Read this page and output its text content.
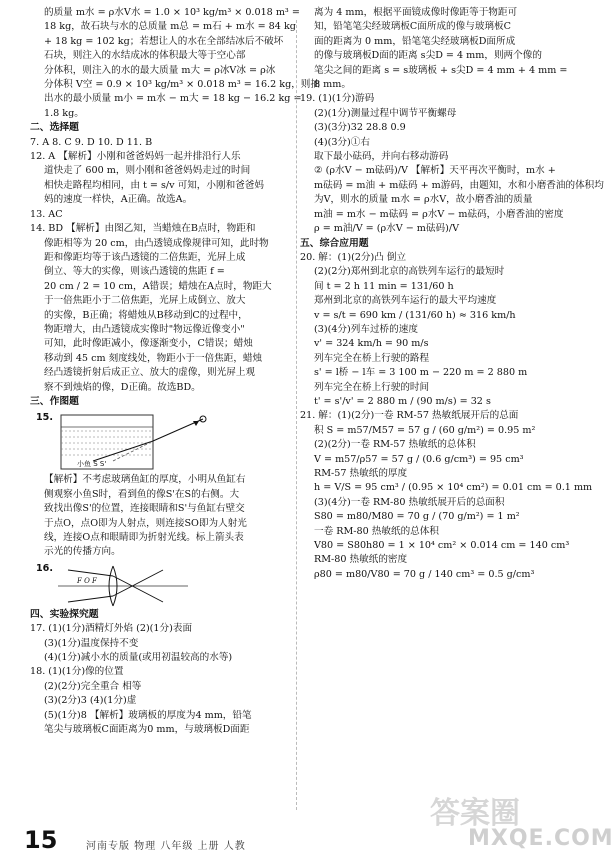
的质量 m水 = ρ水V水 = 1.0 × 10³ kg/m³ × 0.018 m³ =
18 kg，故石块与水的总质量 m总 = m石 + m水 = 84 kg
+ 18 kg = 102 kg；若想让人的水在全部结冰后不破坏
石块，则注入的水结成冰的体积最大等于空心部
分体积，则注入的水的最大质量 m大 = ρ冰V冰 = ρ冰
分体积 V空 = 0.9 × 10³ kg/m³ × 0.018 m³ = 16.2 kg，则抽
出水的最小质量 m小 = m水 − m大 = 18 kg − 16.2 kg =
1.8 kg。
二、选择题
7. A 8. C 9. D 10. D 11. B
12. A 【解析】小刚和爸爸妈妈一起并排沿行人乐
道快走了 600 m，则小刚和爸爸妈妈走过的时间
相快走路程均相同，由 t = s/v 可知，小刚和爸爸妈
妈的速度一样快，A正确。故选A。
13. AC
14. BD 【解析】由图乙知，当蜡烛在B点时，物距和
像距相等为 20 cm，由凸透镜成像规律可知，此时物
距和像距均等于该凸透镜的二倍焦距，光屏上成
倒立、等大的实像，则该凸透镜的焦距 f =
20 cm / 2 = 10 cm，A错误；蜡烛在A点时，物距大
于一倍焦距小于二倍焦距，光屏上成倒立、放大
的实像，B正确；将蜡烛从B移动到C的过程中，
物距增大，由凸透镜成实像时"物远像近像变小"
可知，此时像距减小，像逐渐变小，C错误；蜡烛
移动到 45 cm 刻度线处，物距小于一倍焦距，蜡烛
经凸透镜折射后成正立、放大的虚像，则光屏上观
察不到烛焰的像，D正确。故选BD。
三、作图题
15.
小鱼 S S'
【解析】不考虑玻璃鱼缸的厚度，小明从鱼缸右
侧观察小鱼S时，看到鱼的像S'在S的右侧。大
致找出像S'的位置，连接眼睛和S'与鱼缸右壁交
于点O，点O即为人射点，则连接SO即为人射光
线，连接O点和眼睛即为折射光线。标上箭头表
示光的传播方向。
16.
F O F
四、实验探究题
17. (1)(1分)酒精灯外焰 (2)(1分)表面
(3)(1分)温度保持不变
(4)(1分)减小水的质量(或用初温较高的水等)
18. (1)(1分)像的位置
(2)(2分)完全重合 相等
(3)(2分)3 (4)(1分)虚
(5)(1分)8 【解析】玻璃板的厚度为4 mm，铅笔
笔尖与玻璃板C面距离为0 mm，与玻璃板D面距
离为 4 mm，根据平面镜成像时像距等于物距可
知，铅笔笔尖经玻璃板C面所成的像与玻璃板C
面的距离为 0 mm，铅笔笔尖经玻璃板D面所成
的像与玻璃板D面的距离 s尖D = 4 mm，则两个像的
笔尖之间的距离 s = s玻璃板 + s尖D = 4 mm + 4 mm =
8 mm。
19. (1)(1分)游码
(2)(1分)测量过程中调节平衡螺母
(3)(3分)32 28.8 0.9
(4)(3分)①右
取下最小砝码，并向右移动游码
② (ρ水V − m砝码)/V 【解析】天平再次平衡时，m水 +
m砝码 = m油 + m砝码 + m游码，由题知，水和小磨香油的体积均
为V，则水的质量 m水 = ρ水V，故小磨香油的质量
m油 = m水 − m砝码 = ρ水V − m砝码，小磨香油的密度
ρ = m油/V = (ρ水V − m砝码)/V
五、综合应用题
20. 解：(1)(2分)凸 倒立
(2)(2分)郑州到北京的高铁列车运行的最短时
间 t = 2 h 11 min = 131/60 h
郑州到北京的高铁列车运行的最大平均速度
v = s/t = 690 km / (131/60 h) ≈ 316 km/h
(3)(4分)列车过桥的速度
v' = 324 km/h = 90 m/s
列车完全在桥上行驶的路程
s' = l桥 − l车 = 3 100 m − 220 m = 2 880 m
列车完全在桥上行驶的时间
t' = s'/v' = 2 880 m / (90 m/s) = 32 s
21. 解：(1)(2分)一卷 RM-57 热敏纸展开后的总面
积 S = m57/M57 = 57 g / (60 g/m²) = 0.95 m²
(2)(2分)一卷 RM-57 热敏纸的总体积
V = m57/ρ57 = 57 g / (0.6 g/cm³) = 95 cm³
RM-57 热敏纸的厚度
h = V/S = 95 cm³ / (0.95 × 10⁴ cm²) = 0.01 cm = 0.1 mm
(3)(4分)一卷 RM-80 热敏纸展开后的总面积
S80 = m80/M80 = 70 g / (70 g/m²) = 1 m²
一卷 RM-80 热敏纸的总体积
V80 = S80h80 = 1 × 10⁴ cm² × 0.014 cm = 140 cm³
RM-80 热敏纸的密度
ρ80 = m80/V80 = 70 g / 140 cm³ = 0.5 g/cm³
答案圈
MXQE.COM
15	河南专版 物理 八年级 上册 人教
